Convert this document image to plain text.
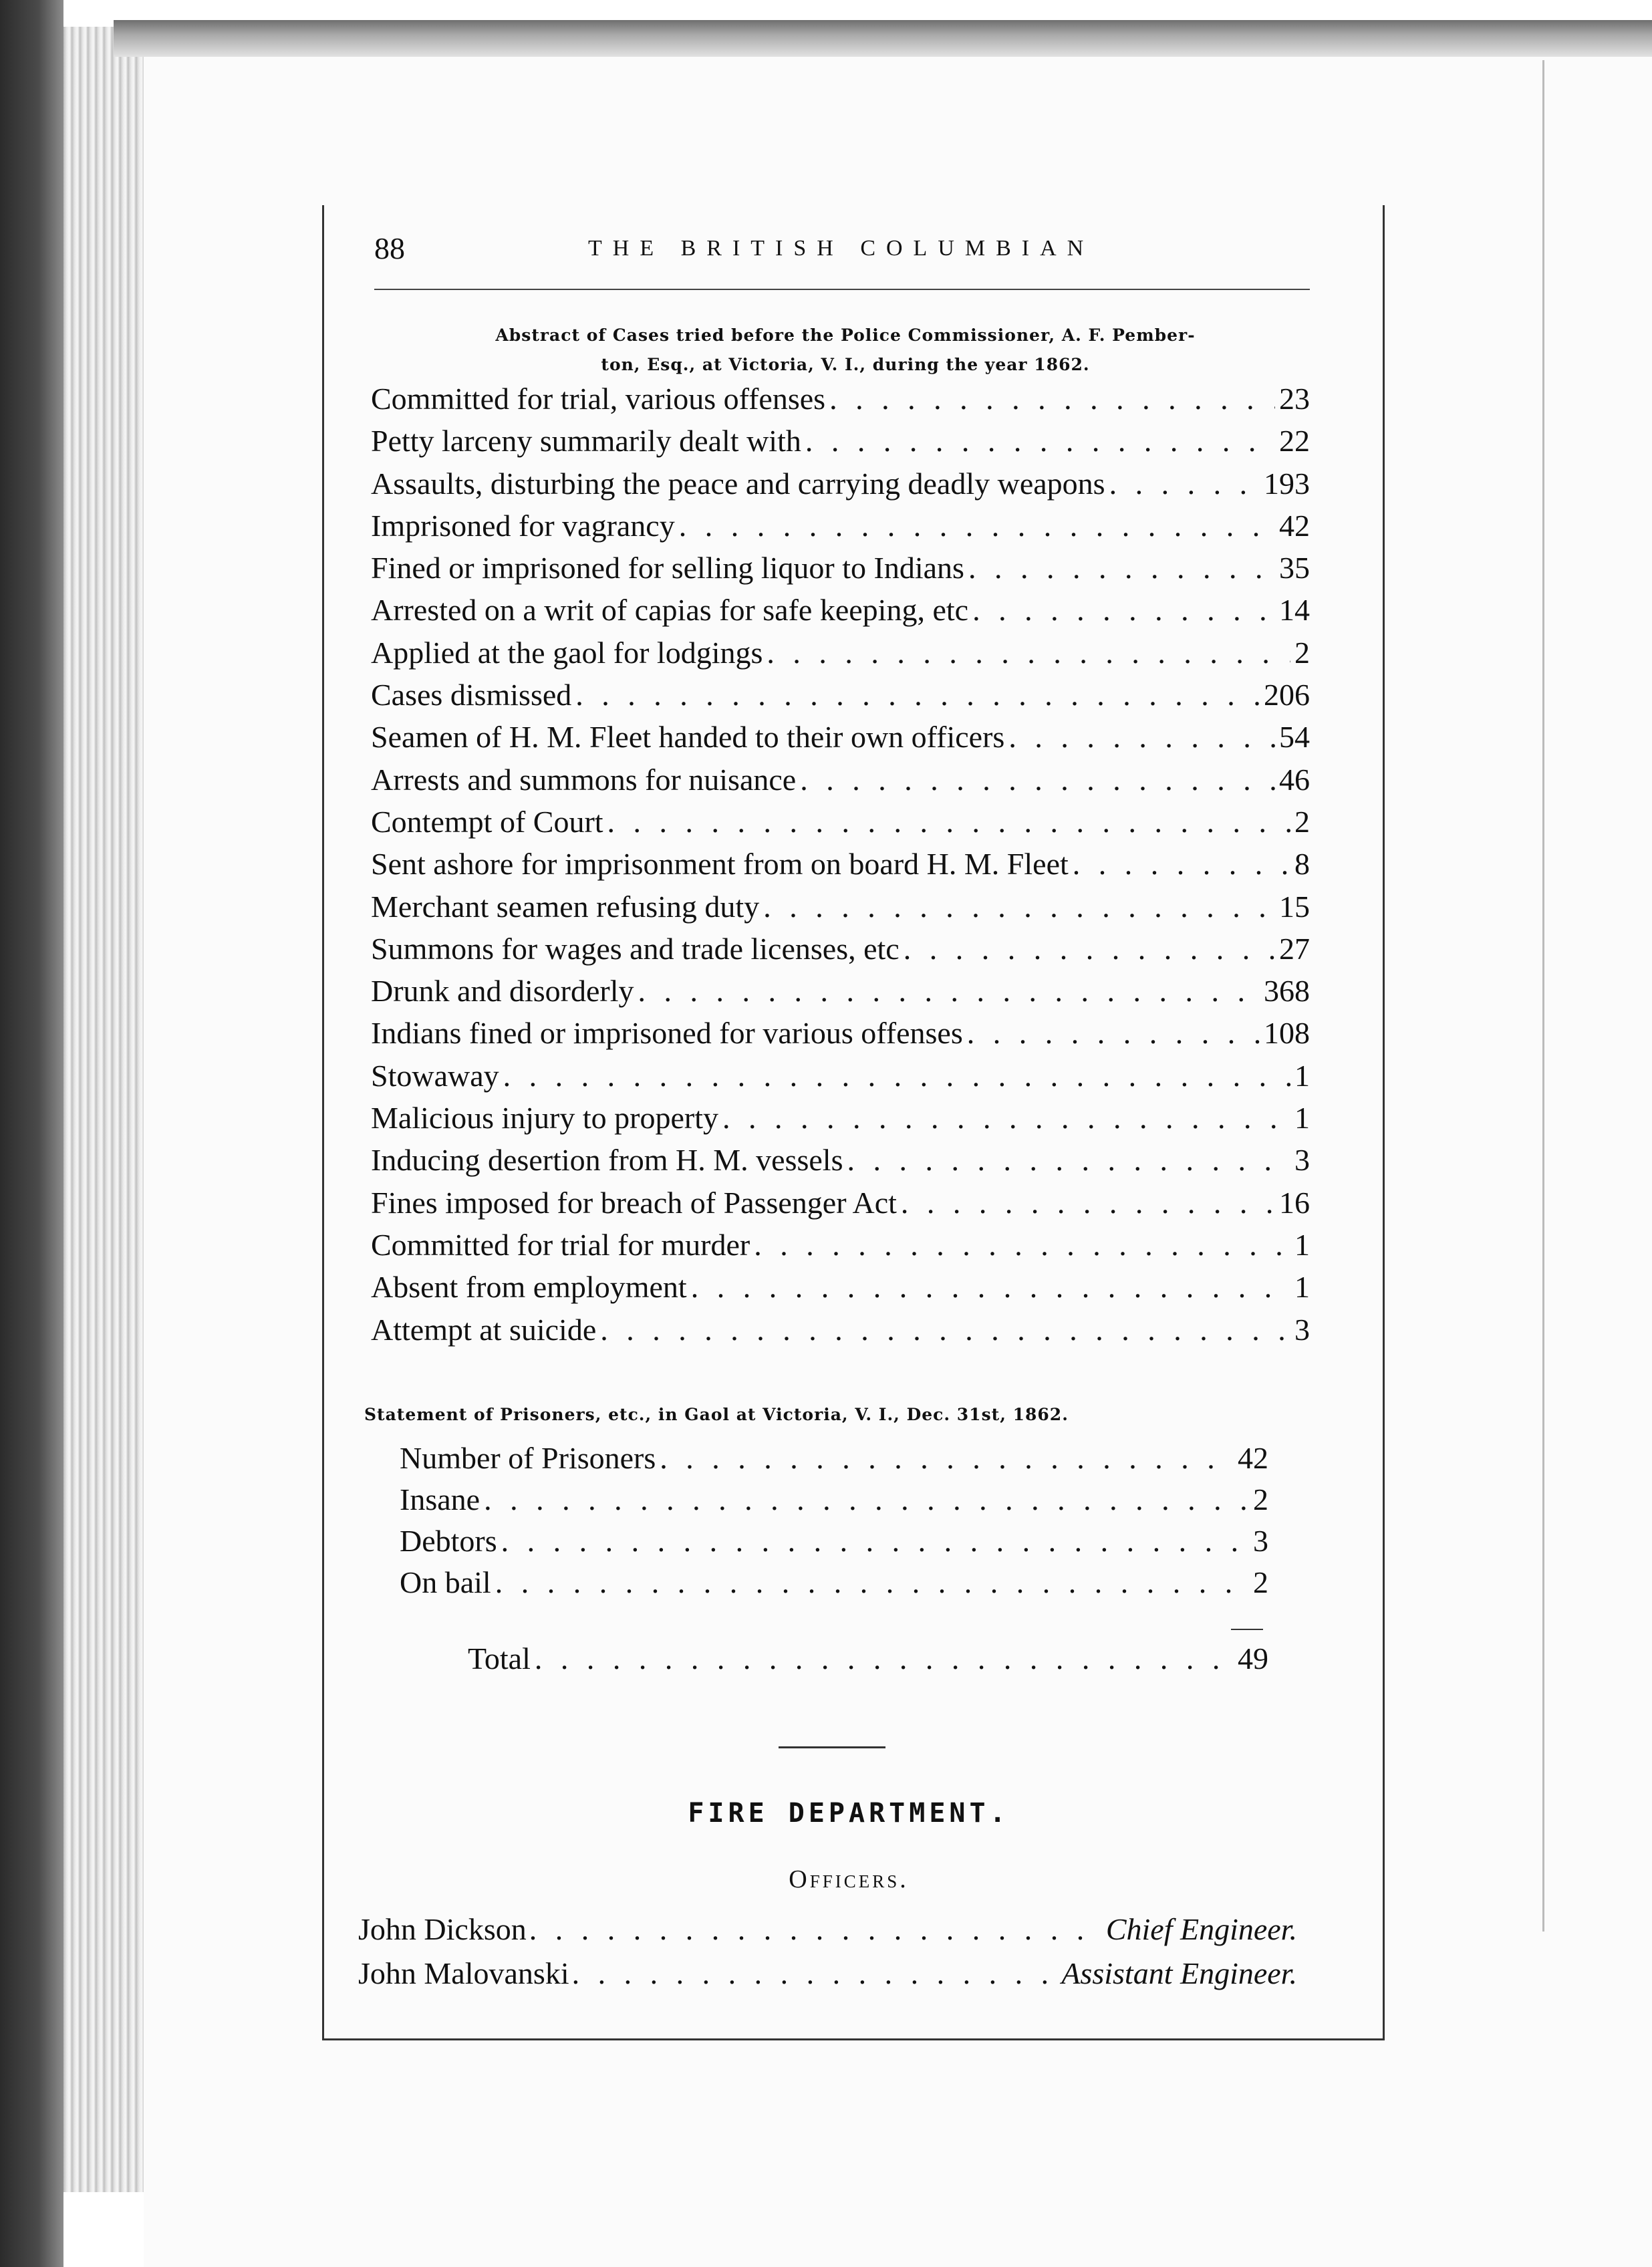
88	THE BRITISH COLUMBIAN
Abstract of Cases tried before the Police Commissioner, A. F. Pember-
ton, Esq., at Victoria, V. I., during the year 1862.
Committed for trial, various offenses . . .	23
Petty larceny summarily dealt with . . .	22
Assaults, disturbing the peace and carrying deadly weapons . . .	193
Imprisoned for vagrancy . . .	42
Fined or imprisoned for selling liquor to Indians . . .	35
Arrested on a writ of capias for safe keeping, etc . . .	14
Applied at the gaol for lodgings . . .	2
Cases dismissed . . .	206
Seamen of H. M. Fleet handed to their own officers . . .	54
Arrests and summons for nuisance . . .	46
Contempt of Court . . .	2
Sent ashore for imprisonment from on board H. M. Fleet . . .	8
Merchant seamen refusing duty . . .	15
Summons for wages and trade licenses, etc . . .	27
Drunk and disorderly . . .	368
Indians fined or imprisoned for various offenses . . .	108
Stowaway . . .	1
Malicious injury to property . . .	1
Inducing desertion from H. M. vessels . . .	3
Fines imposed for breach of Passenger Act . . .	16
Committed for trial for murder . . .	1
Absent from employment . . .	1
Attempt at suicide . . .	3
Statement of Prisoners, etc., in Gaol at Victoria, V. I., Dec. 31st, 1862.
Number of Prisoners . . .	42
Insane . . .	2
Debtors . . .	3
On bail . . .	2
Total . . .	49
FIRE DEPARTMENT.
Officers.
John Dickson . . .	Chief Engineer.
John Malovanski . . .	Assistant Engineer.
